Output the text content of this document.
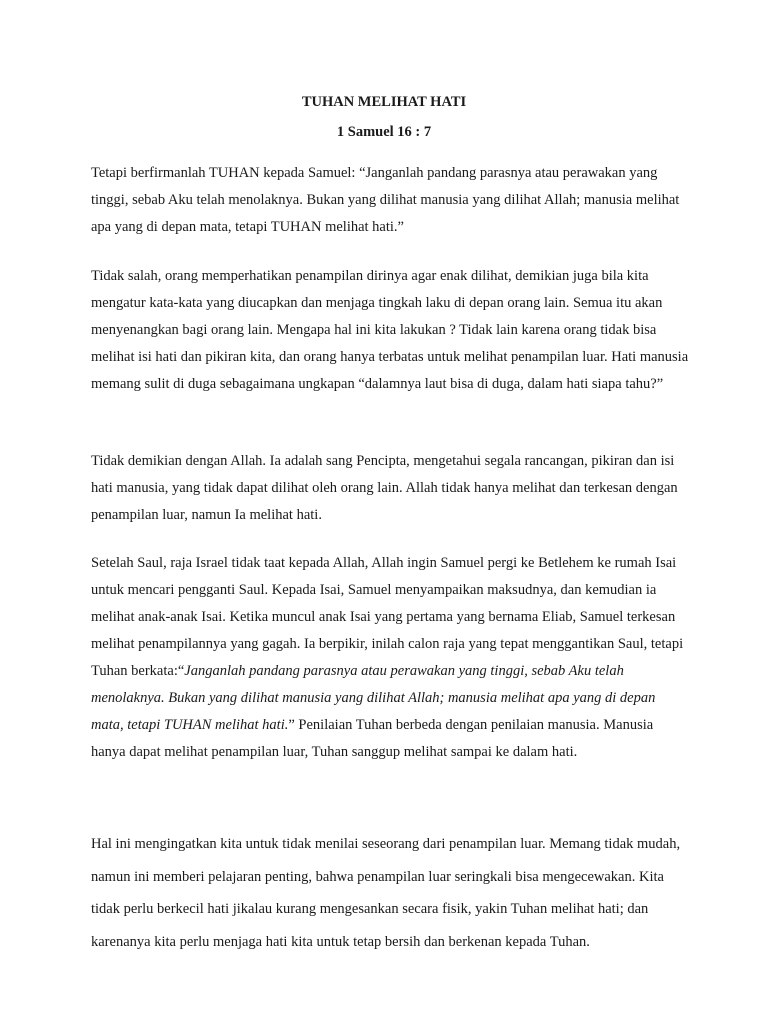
TUHAN MELIHAT HATI
1 Samuel 16 : 7

Tetapi berfirmanlah TUHAN kepada Samuel: “Janganlah pandang parasnya atau perawakan yang tinggi, sebab Aku telah menolaknya. Bukan yang dilihat manusia yang dilihat Allah; manusia melihat apa yang di depan mata, tetapi TUHAN melihat hati.”

Tidak salah, orang memperhatikan penampilan dirinya agar enak dilihat, demikian juga bila kita mengatur kata-kata yang diucapkan dan menjaga tingkah laku di depan orang lain. Semua itu akan menyenangkan bagi orang lain. Mengapa hal ini kita lakukan ? Tidak lain karena orang tidak bisa melihat isi hati dan pikiran kita, dan orang hanya terbatas untuk melihat penampilan luar. Hati manusia memang sulit di duga sebagaimana ungkapan “dalamnya laut bisa di duga, dalam hati siapa tahu?”

Tidak demikian dengan Allah. Ia adalah sang Pencipta, mengetahui segala rancangan, pikiran dan isi hati manusia, yang tidak dapat dilihat oleh orang lain. Allah tidak hanya melihat dan terkesan dengan penampilan luar, namun Ia melihat hati.

Setelah Saul, raja Israel tidak taat kepada Allah, Allah ingin Samuel pergi ke Betlehem ke rumah Isai untuk mencari pengganti Saul. Kepada Isai, Samuel menyampaikan maksudnya, dan kemudian ia melihat anak-anak Isai. Ketika muncul anak Isai yang pertama yang bernama Eliab, Samuel terkesan melihat penampilannya yang gagah. Ia berpikir, inilah calon raja yang tepat menggantikan Saul, tetapi Tuhan berkata:“Janganlah pandang parasnya atau perawakan yang tinggi, sebab Aku telah menolaknya. Bukan yang dilihat manusia yang dilihat Allah; manusia melihat apa yang di depan mata, tetapi TUHAN melihat hati.” Penilaian Tuhan berbeda dengan penilaian manusia. Manusia hanya dapat melihat penampilan luar, Tuhan sanggup melihat sampai ke dalam hati.

Hal ini mengingatkan kita untuk tidak menilai seseorang dari penampilan luar. Memang tidak mudah, namun ini memberi pelajaran penting, bahwa penampilan luar seringkali bisa mengecewakan. Kita tidak perlu berkecil hati jikalau kurang mengesankan secara fisik, yakin Tuhan melihat hati; dan karenanya kita perlu menjaga hati kita untuk tetap bersih dan berkenan kepada Tuhan.
